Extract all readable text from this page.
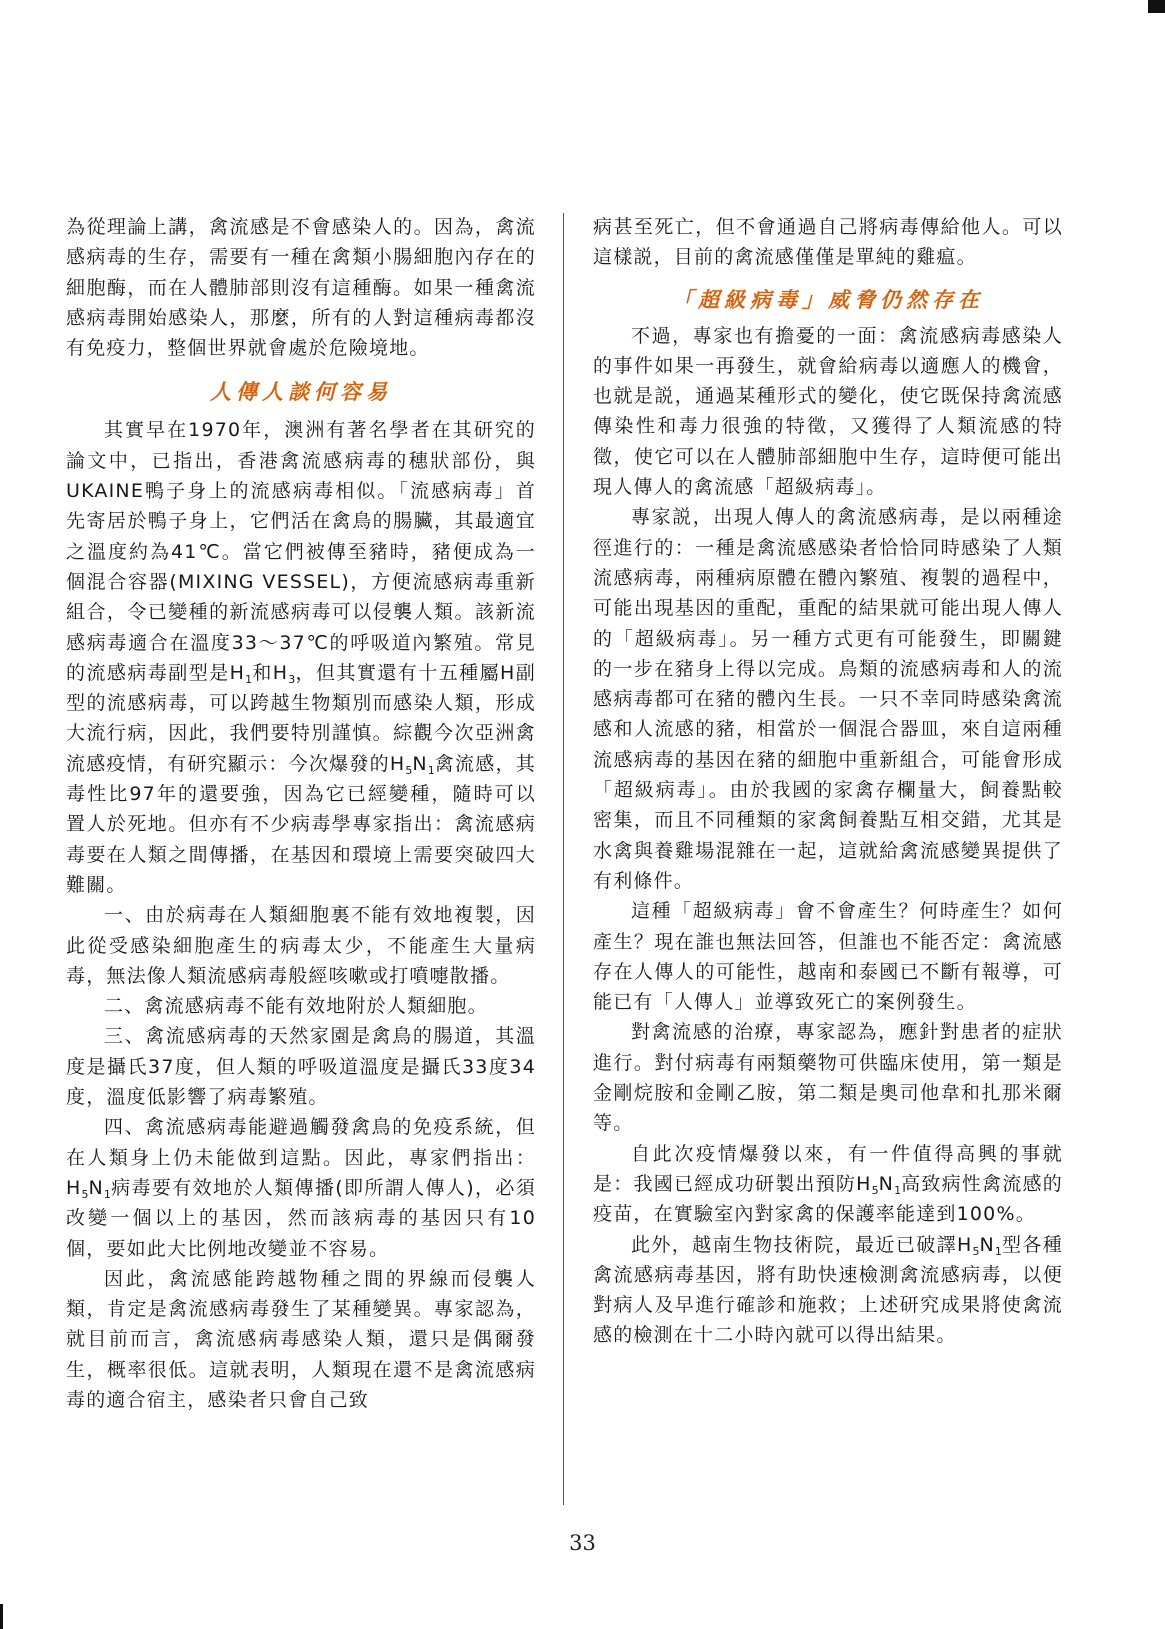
為從理論上講，禽流感是不會感染人的。因為，禽流感病毒的生存，需要有一種在禽類小腸細胞內存在的細胞酶，而在人體肺部則沒有這種酶。如果一種禽流感病毒開始感染人，那麼，所有的人對這種病毒都沒有免疫力，整個世界就會處於危險境地。

人傳人談何容易

其實早在1970年，澳洲有著名學者在其研究的論文中，已指出，香港禽流感病毒的穗狀部份，與UKAINE鴨子身上的流感病毒相似。「流感病毒」首先寄居於鴨子身上，它們活在禽鳥的腸臟，其最適宜之溫度約為41℃。當它們被傳至豬時，豬便成為一個混合容器(MIXING VESSEL)，方便流感病毒重新組合，令已變種的新流感病毒可以侵襲人類。該新流感病毒適合在溫度33～37℃的呼吸道內繁殖。常見的流感病毒副型是$H_1$和$H_3$，但其實還有十五種屬H副型的流感病毒，可以跨越生物類別而感染人類，形成大流行病，因此，我們要特別謹慎。綜觀今次亞洲禽流感疫情，有研究顯示：今次爆發的$H_5N_1$禽流感，其毒性比97年的還要強，因為它已經變種，隨時可以置人於死地。但亦有不少病毒學專家指出：禽流感病毒要在人類之間傳播，在基因和環境上需要突破四大難關。

一、由於病毒在人類細胞裏不能有效地複製，因此從受感染細胞產生的病毒太少，不能產生大量病毒，無法像人類流感病毒般經咳嗽或打噴嚏散播。

二、禽流感病毒不能有效地附於人類細胞。

三、禽流感病毒的天然家園是禽鳥的腸道，其溫度是攝氏37度，但人類的呼吸道溫度是攝氏33度34度，溫度低影響了病毒繁殖。

四、禽流感病毒能避過觸發禽鳥的免疫系統，但在人類身上仍未能做到這點。因此，專家們指出：$H_5N_1$病毒要有效地於人類傳播(即所謂人傳人)，必須改變一個以上的基因，然而該病毒的基因只有10個，要如此大比例地改變並不容易。

因此，禽流感能跨越物種之間的界線而侵襲人類，肯定是禽流感病毒發生了某種變異。專家認為，就目前而言，禽流感病毒感染人類，還只是偶爾發生，概率很低。這就表明，人類現在還不是禽流感病毒的適合宿主，感染者只會自己致

病甚至死亡，但不會通過自己將病毒傳給他人。可以這樣説，目前的禽流感僅僅是單純的雞瘟。

「超級病毒」威脅仍然存在

不過，專家也有擔憂的一面：禽流感病毒感染人的事件如果一再發生，就會給病毒以適應人的機會，也就是説，通過某種形式的變化，使它既保持禽流感傳染性和毒力很強的特徵，又獲得了人類流感的特徵，使它可以在人體肺部細胞中生存，這時便可能出現人傳人的禽流感「超級病毒」。

專家説，出現人傳人的禽流感病毒，是以兩種途徑進行的：一種是禽流感感染者恰恰同時感染了人類流感病毒，兩種病原體在體內繁殖、複製的過程中，可能出現基因的重配，重配的結果就可能出現人傳人的「超級病毒」。另一種方式更有可能發生，即關鍵的一步在豬身上得以完成。鳥類的流感病毒和人的流感病毒都可在豬的體內生長。一只不幸同時感染禽流感和人流感的豬，相當於一個混合器皿，來自這兩種流感病毒的基因在豬的細胞中重新組合，可能會形成「超級病毒」。由於我國的家禽存欄量大，飼養點較密集，而且不同種類的家禽飼養點互相交錯，尤其是水禽與養雞場混雜在一起，這就給禽流感變異提供了有利條件。

這種「超級病毒」會不會產生？何時產生？如何產生？現在誰也無法回答，但誰也不能否定：禽流感存在人傳人的可能性，越南和泰國已不斷有報導，可能已有「人傳人」並導致死亡的案例發生。

對禽流感的治療，專家認為，應針對患者的症狀進行。對付病毒有兩類藥物可供臨床使用，第一類是金剛烷胺和金剛乙胺，第二類是奧司他韋和扎那米爾等。

自此次疫情爆發以來，有一件值得高興的事就是：我國已經成功研製出預防$H_5N_1$高致病性禽流感的疫苗，在實驗室內對家禽的保護率能達到100%。

此外，越南生物技術院，最近已破譯$H_5N_1$型各種禽流感病毒基因，將有助快速檢測禽流感病毒，以便對病人及早進行確診和施救；上述研究成果將使禽流感的檢測在十二小時內就可以得出結果。

33
